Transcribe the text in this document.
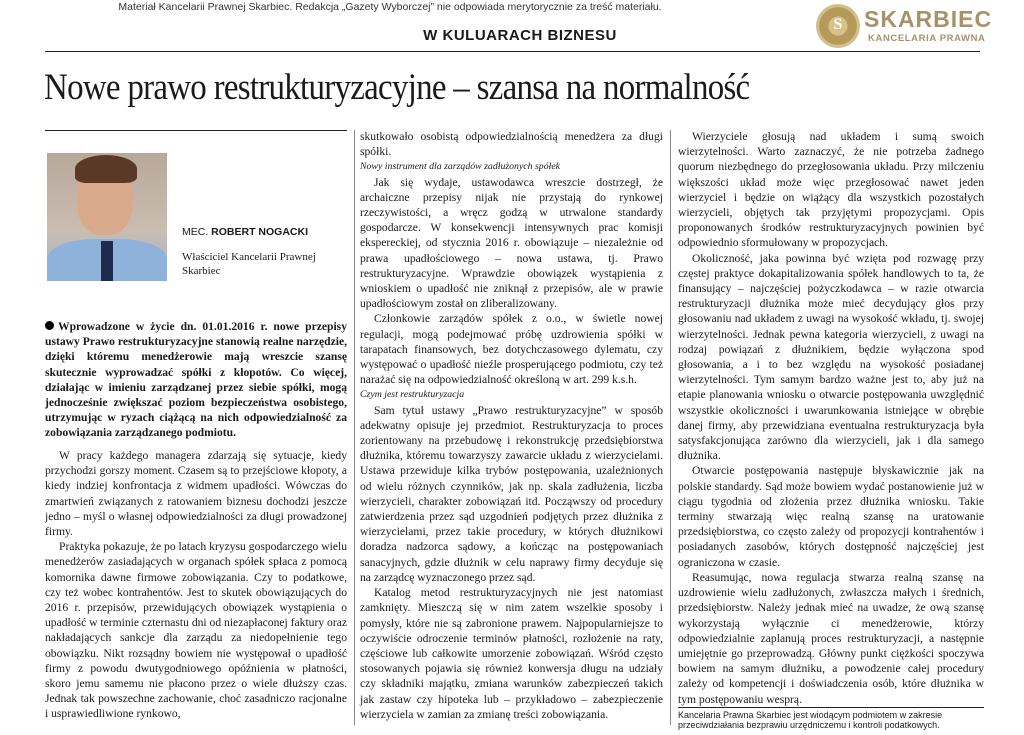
Materiał Kancelarii Prawnej Skarbiec. Redakcja „Gazety Wyborczej” nie odpowiada merytorycznie za treść materiału.
W KULUARACH BIZNESU
S SKARBIEC
KANCELARIA PRAWNA
Nowe prawo restrukturyzacyjne – szansa na normalność
MEC. ROBERT NOGACKI
Właściciel Kancelarii Prawnej Skarbiec
Wprowadzone w życie dn. 01.01.2016 r. nowe przepisy ustawy Prawo restrukturyzacyjne stanowią realne narzędzie, dzięki któremu menedżerowie mają wreszcie szansę skutecznie wyprowadzać spółki z kłopotów. Co więcej, działając w imieniu zarządzanej przez siebie spółki, mogą jednocześnie zwiększać poziom bezpieczeństwa osobistego, utrzymując w ryzach ciążącą na nich odpowiedzialność za zobowiązania zarządzanego podmiotu.

W pracy każdego managera zdarzają się sytuacje, kiedy przychodzi gorszy moment. Czasem są to przejściowe kłopoty, a kiedy indziej konfrontacja z widmem upadłości. Wówczas do zmartwień związanych z ratowaniem biznesu dochodzi jeszcze jedno – myśl o własnej odpowiedzialności za długi prowadzonej firmy.

Praktyka pokazuje, że po latach kryzysu gospodarczego wielu menedżerów zasiadających w organach spółek spłaca z pomocą komornika dawne firmowe zobowiązania. Czy to podatkowe, czy też wobec kontrahentów. Jest to skutek obowiązujących do 2016 r. przepisów, przewidujących obowiązek wystąpienia o upadłość w terminie czternastu dni od niezapłaconej faktury oraz nakładających sankcje dla zarządu za niedopełnienie tego obowiązku. Nikt rozsądny bowiem nie występował o upadłość firmy z powodu dwutygodniowego opóźnienia w płatności, skoro jemu samemu nie płacono przez o wiele dłuższy czas. Jednak tak powszechne zachowanie, choć zasadniczo racjonalne i usprawiedliwione rynkowo,

skutkowało osobistą odpowiedzialnością menedżera za długi spółki.

Nowy instrument dla zarządów zadłużonych spółek

Jak się wydaje, ustawodawca wreszcie dostrzegł, że archaiczne przepisy nijak nie przystają do rynkowej rzeczywistości, a wręcz godzą w utrwalone standardy gospodarcze. W konsekwencji intensywnych prac komisji ekspereckiej, od stycznia 2016 r. obowiązuje – niezależnie od prawa upadłościowego – nowa ustawa, tj. Prawo restrukturyzacyjne. Wprawdzie obowiązek wystąpienia z wnioskiem o upadłość nie zniknął z przepisów, ale w prawie upadłościowym został on zliberalizowany.

Członkowie zarządów spółek z o.o., w świetle nowej regulacji, mogą podejmować próbę uzdrowienia spółki w tarapatach finansowych, bez dotychczasowego dylematu, czy występować o upadłość nieźle prosperującego podmiotu, czy też narażać się na odpowiedzialność określoną w art. 299 k.s.h.

Czym jest restrukturyzacja

Sam tytuł ustawy „Prawo restrukturyzacyjne” w sposób adekwatny opisuje jej przedmiot. Restrukturyzacja to proces zorientowany na przebudowę i rekonstrukcję przedsiębiorstwa dłużnika, któremu towarzyszy zawarcie układu z wierzycielami. Ustawa przewiduje kilka trybów postępowania, uzależnionych od wielu różnych czynników, jak np. skala zadłużenia, liczba wierzycieli, charakter zobowiązań itd. Począwszy od procedury zatwierdzenia przez sąd uzgodnień podjętych przez dłużnika z wierzycielami, przez takie procedury, w których dłużnikowi doradza nadzorca sądowy, a kończąc na postępowaniach sanacyjnych, gdzie dłużnik w celu naprawy firmy decyduje się na zarządcę wyznaczonego przez sąd.

Katalog metod restrukturyzacyjnych nie jest natomiast zamknięty. Mieszczą się w nim zatem wszelkie sposoby i pomysły, które nie są zabronione prawem. Najpopularniejsze to oczywiście odroczenie terminów płatności, rozłożenie na raty, częściowe lub całkowite umorzenie zobowiązań. Wśród często stosowanych pojawia się również konwersja długu na udziały czy składniki majątku, zmiana warunków zabezpieczeń takich jak zastaw czy hipoteka lub – przykładowo – zabezpieczenie wierzyciela w zamian za zmianę treści zobowiązania.

Wierzyciele głosują nad układem i sumą swoich wierzytelności. Warto zaznaczyć, że nie potrzeba żadnego quorum niezbędnego do przegłosowania układu. Przy milczeniu większości układ może więc przegłosować nawet jeden wierzyciel i będzie on wiążący dla wszystkich pozostałych wierzycieli, objętych tak przyjętymi propozycjami. Opis proponowanych środków restrukturyzacyjnych powinien być odpowiednio sformułowany w propozycjach.

Okoliczność, jaka powinna być wzięta pod rozwagę przy częstej praktyce dokapitalizowania spółek handlowych to ta, że finansujący – najczęściej pożyczkodawca – w razie otwarcia restrukturyzacji dłużnika może mieć decydujący głos przy głosowaniu nad układem z uwagi na wysokość wkładu, tj. swojej wierzytelności. Jednak pewna kategoria wierzycieli, z uwagi na rodzaj powiązań z dłużnikiem, będzie wyłączona spod głosowania, a i to bez względu na wysokość posiadanej wierzytelności. Tym samym bardzo ważne jest to, aby już na etapie planowania wniosku o otwarcie postępowania uwzględnić wszystkie okoliczności i uwarunkowania istniejące w obrębie danej firmy, aby przewidziana eventualna restrukturyzacja była satysfakcjonująca zarówno dla wierzycieli, jak i dla samego dłużnika.

Otwarcie postępowania następuje błyskawicznie jak na polskie standardy. Sąd może bowiem wydać postanowienie już w ciągu tygodnia od złożenia przez dłużnika wniosku. Takie terminy stwarzają więc realną szansę na uratowanie przedsiębiorstwa, co często zależy od propozycji kontrahentów i posiadanych zasobów, których dostępność najczęściej jest ograniczona w czasie.

Reasumując, nowa regulacja stwarza realną szansę na uzdrowienie wielu zadłużonych, zwłaszcza małych i średnich, przedsiębiorstw. Należy jednak mieć na uwadze, że ową szansę wykorzystają wyłącznie ci menedżerowie, którzy odpowiedzialnie zaplanują proces restrukturyzacji, a następnie umiejętnie go przeprowadzą. Główny punkt ciężkości spoczywa bowiem na samym dłużniku, a powodzenie całej procedury zależy od kompetencji i doświadczenia osób, które dłużnika w tym postępowaniu wesprą.

Kancelaria Prawna Skarbiec jest wiodącym podmiotem w zakresie przeciwdziałania bezprawiu urzędniczemu i kontroli podatkowych.
